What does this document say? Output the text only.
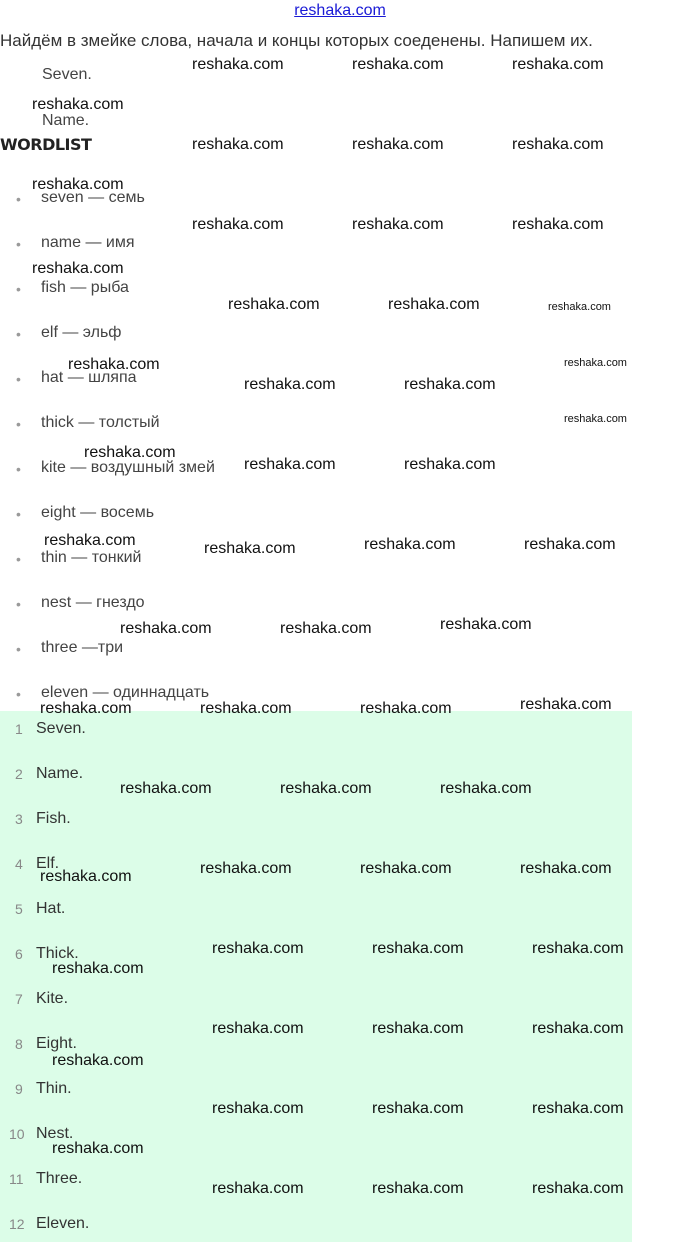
reshaka.com
Найдём в змейке слова, начала и концы которых соеденены. Напишем их.
Seven.
Name.
WORDLIST
• seven — семь
• name — имя
• fish — рыба
• elf — эльф
• hat — шляпа
• thick — толстый
• kite — воздушный змей
• eight — восемь
• thin — тонкий
• nest — гнездо
• three —три
• eleven — одиннадцать
1 Seven.
2 Name.
3 Fish.
4 Elf.
5 Hat.
6 Thick.
7 Kite.
8 Eight.
9 Thin.
10 Nest.
11 Three.
12 Eleven.
reshaka.com	reshaka.com	reshaka.com
reshaka.com
reshaka.com	reshaka.com	reshaka.com
reshaka.com
reshaka.com	reshaka.com	reshaka.com
reshaka.com
reshaka.com	reshaka.com	reshaka.com
reshaka.com	reshaka.com
reshaka.com	reshaka.com
reshaka.com
reshaka.com
reshaka.com	reshaka.com
reshaka.com	reshaka.com	reshaka.com	reshaka.com
reshaka.com	reshaka.com	reshaka.com
reshaka.com	reshaka.com	reshaka.com	reshaka.com
reshaka.com	reshaka.com	reshaka.com
reshaka.com	reshaka.com	reshaka.com	reshaka.com
reshaka.com
reshaka.com	reshaka.com	reshaka.com
reshaka.com	reshaka.com	reshaka.com
reshaka.com
reshaka.com	reshaka.com	reshaka.com
reshaka.com
reshaka.com	reshaka.com	reshaka.com
